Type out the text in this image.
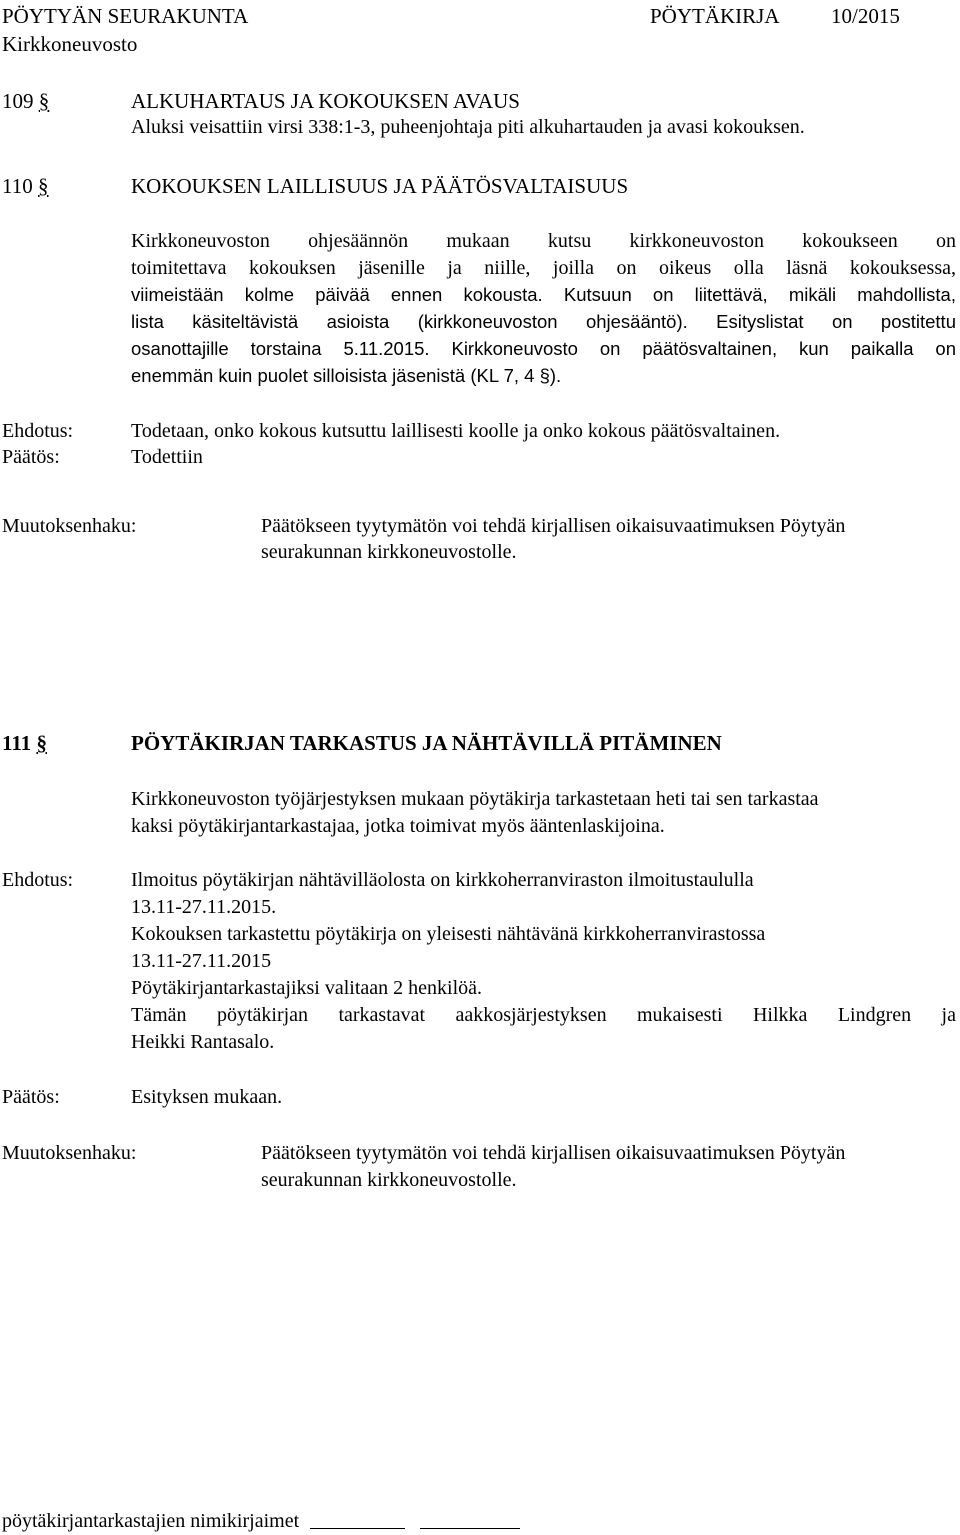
PÖYTYÄN SEURAKUNTA	PÖYTÄKIRJA 10/2015
Kirkkoneuvosto
109 §	ALKUHARTAUS JA KOKOUKSEN AVAUS
Aluksi veisattiin virsi 338:1-3, puheenjohtaja piti alkuhartauden ja avasi kokouksen.
110 §	KOKOUKSEN LAILLISUUS JA PÄÄTÖSVALTAISUUS
Kirkkoneuvoston ohjesäännön mukaan kutsu kirkkoneuvoston kokoukseen on
toimitettava kokouksen jäsenille ja niille, joilla on oikeus olla läsnä kokouksessa,
viimeistään kolme päivää ennen kokousta. Kutsuun on liitettävä, mikäli mahdollista,
lista käsiteltävistä asioista (kirkkoneuvoston ohjesääntö). Esityslistat on postitettu
osanottajille torstaina 5.11.2015. Kirkkoneuvosto on päätösvaltainen, kun paikalla on
enemmän kuin puolet silloisista jäsenistä (KL 7, 4 §).
Ehdotus:	Todetaan, onko kokous kutsuttu laillisesti koolle ja onko kokous päätösvaltainen.
Päätös:	Todettiin
Muutoksenhaku:	Päätökseen tyytymätön voi tehdä kirjallisen oikaisuvaatimuksen Pöytyän
seurakunnan kirkkoneuvostolle.
111 §	PÖYTÄKIRJAN TARKASTUS JA NÄHTÄVILLÄ PITÄMINEN
Kirkkoneuvoston työjärjestyksen mukaan pöytäkirja tarkastetaan heti tai sen tarkastaa
kaksi pöytäkirjantarkastajaa, jotka toimivat myös ääntenlaskijoina.
Ehdotus:	Ilmoitus pöytäkirjan nähtävilläolosta on kirkkoherranviraston ilmoitustaululla
13.11-27.11.2015.
Kokouksen tarkastettu pöytäkirja on yleisesti nähtävänä kirkkoherranvirastossa
13.11-27.11.2015
Pöytäkirjantarkastajiksi valitaan 2 henkilöä.
Tämän pöytäkirjan tarkastavat aakkosjärjestyksen mukaisesti Hilkka Lindgren ja
Heikki Rantasalo.
Päätös:	Esityksen mukaan.
Muutoksenhaku:	Päätökseen tyytymätön voi tehdä kirjallisen oikaisuvaatimuksen Pöytyän
seurakunnan kirkkoneuvostolle.
pöytäkirjantarkastajien nimikirjaimet
